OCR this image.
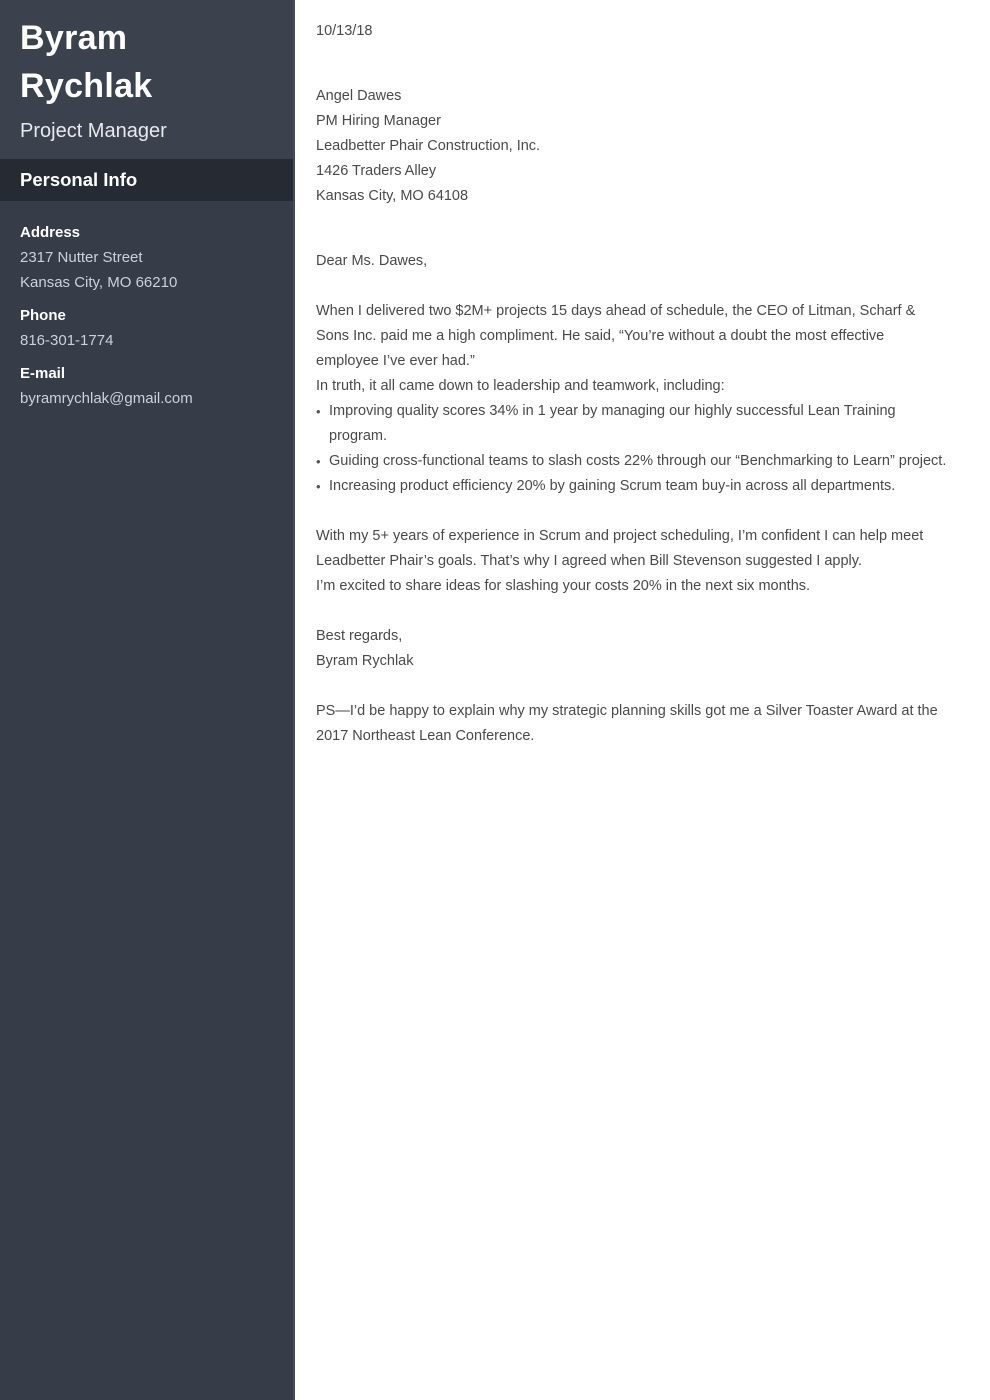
Byram
Rychlak
Project Manager
Personal Info
Address
2317 Nutter Street
Kansas City, MO 66210
Phone
816-301-1774
E-mail
byramrychlak@gmail.com
10/13/18
Angel Dawes
PM Hiring Manager
Leadbetter Phair Construction, Inc.
1426 Traders Alley
Kansas City, MO 64108
Dear Ms. Dawes,
When I delivered two $2M+ projects 15 days ahead of schedule, the CEO of Litman, Scharf &
Sons Inc. paid me a high compliment. He said, “You’re without a doubt the most effective
employee I’ve ever had.”
In truth, it all came down to leadership and teamwork, including:
• Improving quality scores 34% in 1 year by managing our highly successful Lean Training
program.
• Guiding cross-functional teams to slash costs 22% through our “Benchmarking to Learn” project.
• Increasing product efficiency 20% by gaining Scrum team buy-in across all departments.
With my 5+ years of experience in Scrum and project scheduling, I’m confident I can help meet
Leadbetter Phair’s goals. That’s why I agreed when Bill Stevenson suggested I apply.
I’m excited to share ideas for slashing your costs 20% in the next six months.
Best regards,
Byram Rychlak
PS—I’d be happy to explain why my strategic planning skills got me a Silver Toaster Award at the
2017 Northeast Lean Conference.
